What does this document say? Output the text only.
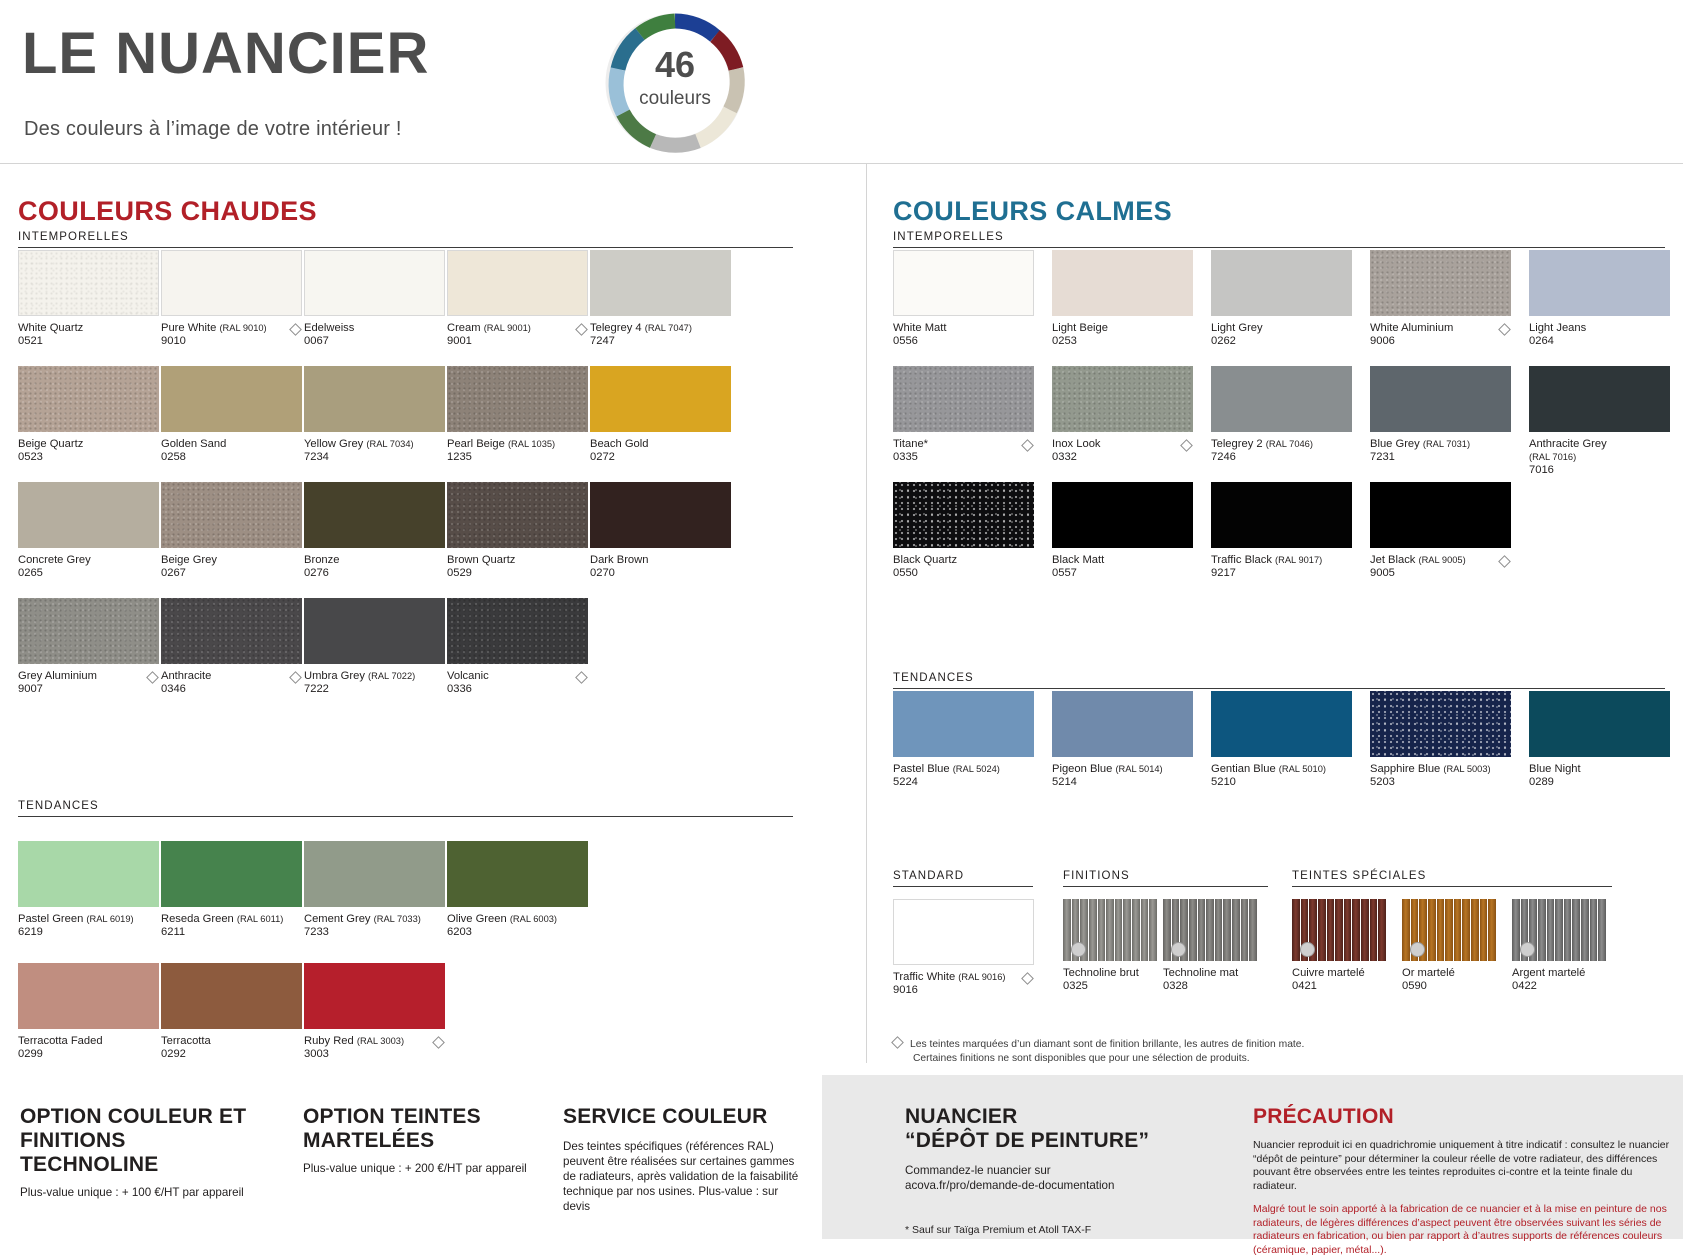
LE NUANCIER
Des couleurs à l’image de votre intérieur !
46
couleurs
COULEURS CHAUDES	COULEURS CALMES
INTEMPORELLES
TENDANCES
INTEMPORELLES
TENDANCES
White Quartz
0521
Pure White (RAL 9010)
9010
Edelweiss
0067
Cream (RAL 9001)
9001
Telegrey 4 (RAL 7047)
7247
Beige Quartz
0523
Golden Sand
0258
Yellow Grey (RAL 7034)
7234
Pearl Beige (RAL 1035)
1235
Beach Gold
0272
Concrete Grey
0265
Beige Grey
0267
Bronze
0276
Brown Quartz
0529
Dark Brown
0270
Grey Aluminium
9007
Anthracite
0346
Umbra Grey (RAL 7022)
7222
Volcanic
0336
Pastel Green (RAL 6019)
6219
Reseda Green (RAL 6011)
6211
Cement Grey (RAL 7033)
7233
Olive Green (RAL 6003)
6203
Terracotta Faded
0299
Terracotta
0292
Ruby Red (RAL 3003)
3003
White Matt
0556
Light Beige
0253
Light Grey
0262
White Aluminium
9006
Light Jeans
0264
Titane*
0335
Inox Look
0332
Telegrey 2 (RAL 7046)
7246
Blue Grey (RAL 7031)
7231
Anthracite Grey
(RAL 7016)
7016
Black Quartz
0550
Black Matt
0557
Traffic Black (RAL 9017)
9217
Jet Black (RAL 9005)
9005
Pastel Blue (RAL 5024)
5224
Pigeon Blue (RAL 5014)
5214
Gentian Blue (RAL 5010)
5210
Sapphire Blue (RAL 5003)
5203
Blue Night
0289
STANDARD	FINITIONS	TEINTES SPÉCIALES
Traffic White (RAL 9016)
9016
Technoline brut
0325
Technoline mat
0328
Cuivre martelé
0421
Or martelé
0590
Argent martelé
0422
Les teintes marquées d’un diamant sont de finition brillante, les autres de finition mate.
Certaines finitions ne sont disponibles que pour une sélection de produits.
OPTION COULEUR ET
FINITIONS TECHNOLINE
Plus-value unique : + 100 €/HT par appareil
OPTION TEINTES
MARTELÉES
Plus-value unique : + 200 €/HT par appareil
SERVICE COULEUR
Des teintes spécifiques (références RAL) peuvent être réalisées sur certaines gammes de radiateurs, après validation de la faisabilité technique par nos usines. Plus-value : sur devis
NUANCIER
“DÉPÔT DE PEINTURE”
Commandez-le nuancier sur
acova.fr/pro/demande-de-documentation
* Sauf sur Taïga Premium et Atoll TAX-F
PRÉCAUTION
Nuancier reproduit ici en quadrichromie uniquement à titre indicatif : consultez le nuancier “dépôt de peinture” pour déterminer la couleur réelle de votre radiateur, des différences pouvant être observées entre les teintes reproduites ci-contre et la teinte finale du radiateur.
Malgré tout le soin apporté à la fabrication de ce nuancier et à la mise en peinture de nos radiateurs, de légères différences d’aspect peuvent être observées suivant les séries de radiateurs en fabrication, ou bien par rapport à d’autres supports de références couleurs (céramique, papier, métal...).
